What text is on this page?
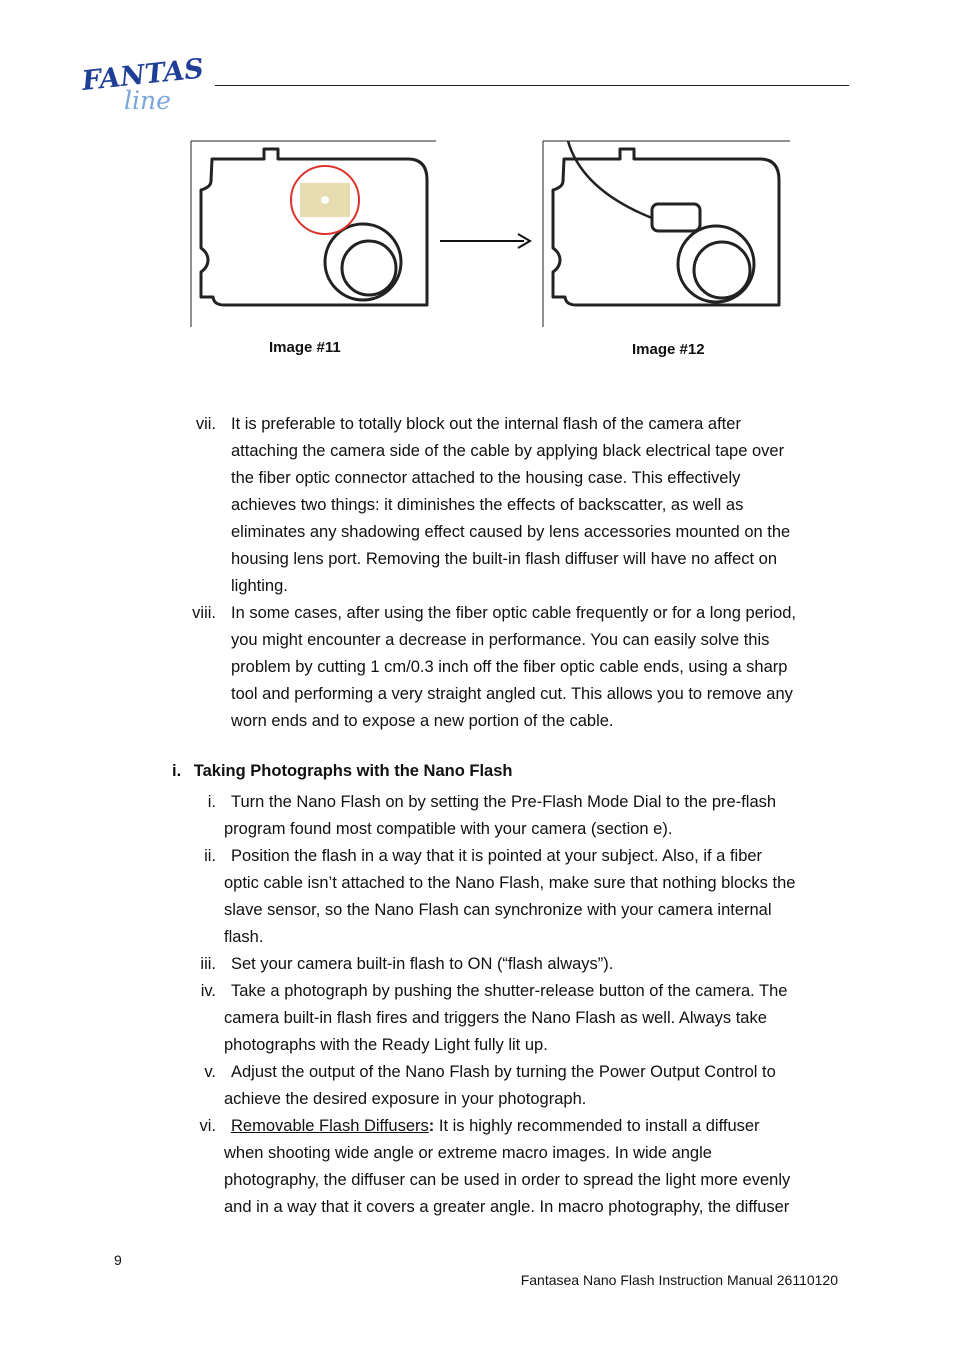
FANTASEA
line
Image #11	Image #12
vii. It is preferable to totally block out the internal flash of the camera after
attaching the camera side of the cable by applying black electrical tape over
the fiber optic connector attached to the housing case. This effectively
achieves two things: it diminishes the effects of backscatter, as well as
eliminates any shadowing effect caused by lens accessories mounted on the
housing lens port. Removing the built-in flash diffuser will have no affect on
lighting.
viii. In some cases, after using the fiber optic cable frequently or for a long period,
you might encounter a decrease in performance. You can easily solve this
problem by cutting 1 cm/0.3 inch off the fiber optic cable ends, using a sharp
tool and performing a very straight angled cut. This allows you to remove any
worn ends and to expose a new portion of the cable.
i. Taking Photographs with the Nano Flash
i. Turn the Nano Flash on by setting the Pre-Flash Mode Dial to the pre-flash
program found most compatible with your camera (section e).
ii. Position the flash in a way that it is pointed at your subject. Also, if a fiber
optic cable isn’t attached to the Nano Flash, make sure that nothing blocks the
slave sensor, so the Nano Flash can synchronize with your camera internal
flash.
iii. Set your camera built-in flash to ON (“flash always”).
iv. Take a photograph by pushing the shutter-release button of the camera. The
camera built-in flash fires and triggers the Nano Flash as well. Always take
photographs with the Ready Light fully lit up.
v. Adjust the output of the Nano Flash by turning the Power Output Control to
achieve the desired exposure in your photograph.
vi. Removable Flash Diffusers: It is highly recommended to install a diffuser
when shooting wide angle or extreme macro images. In wide angle
photography, the diffuser can be used in order to spread the light more evenly
and in a way that it covers a greater angle. In macro photography, the diffuser
9
Fantasea Nano Flash Instruction Manual 26110120
